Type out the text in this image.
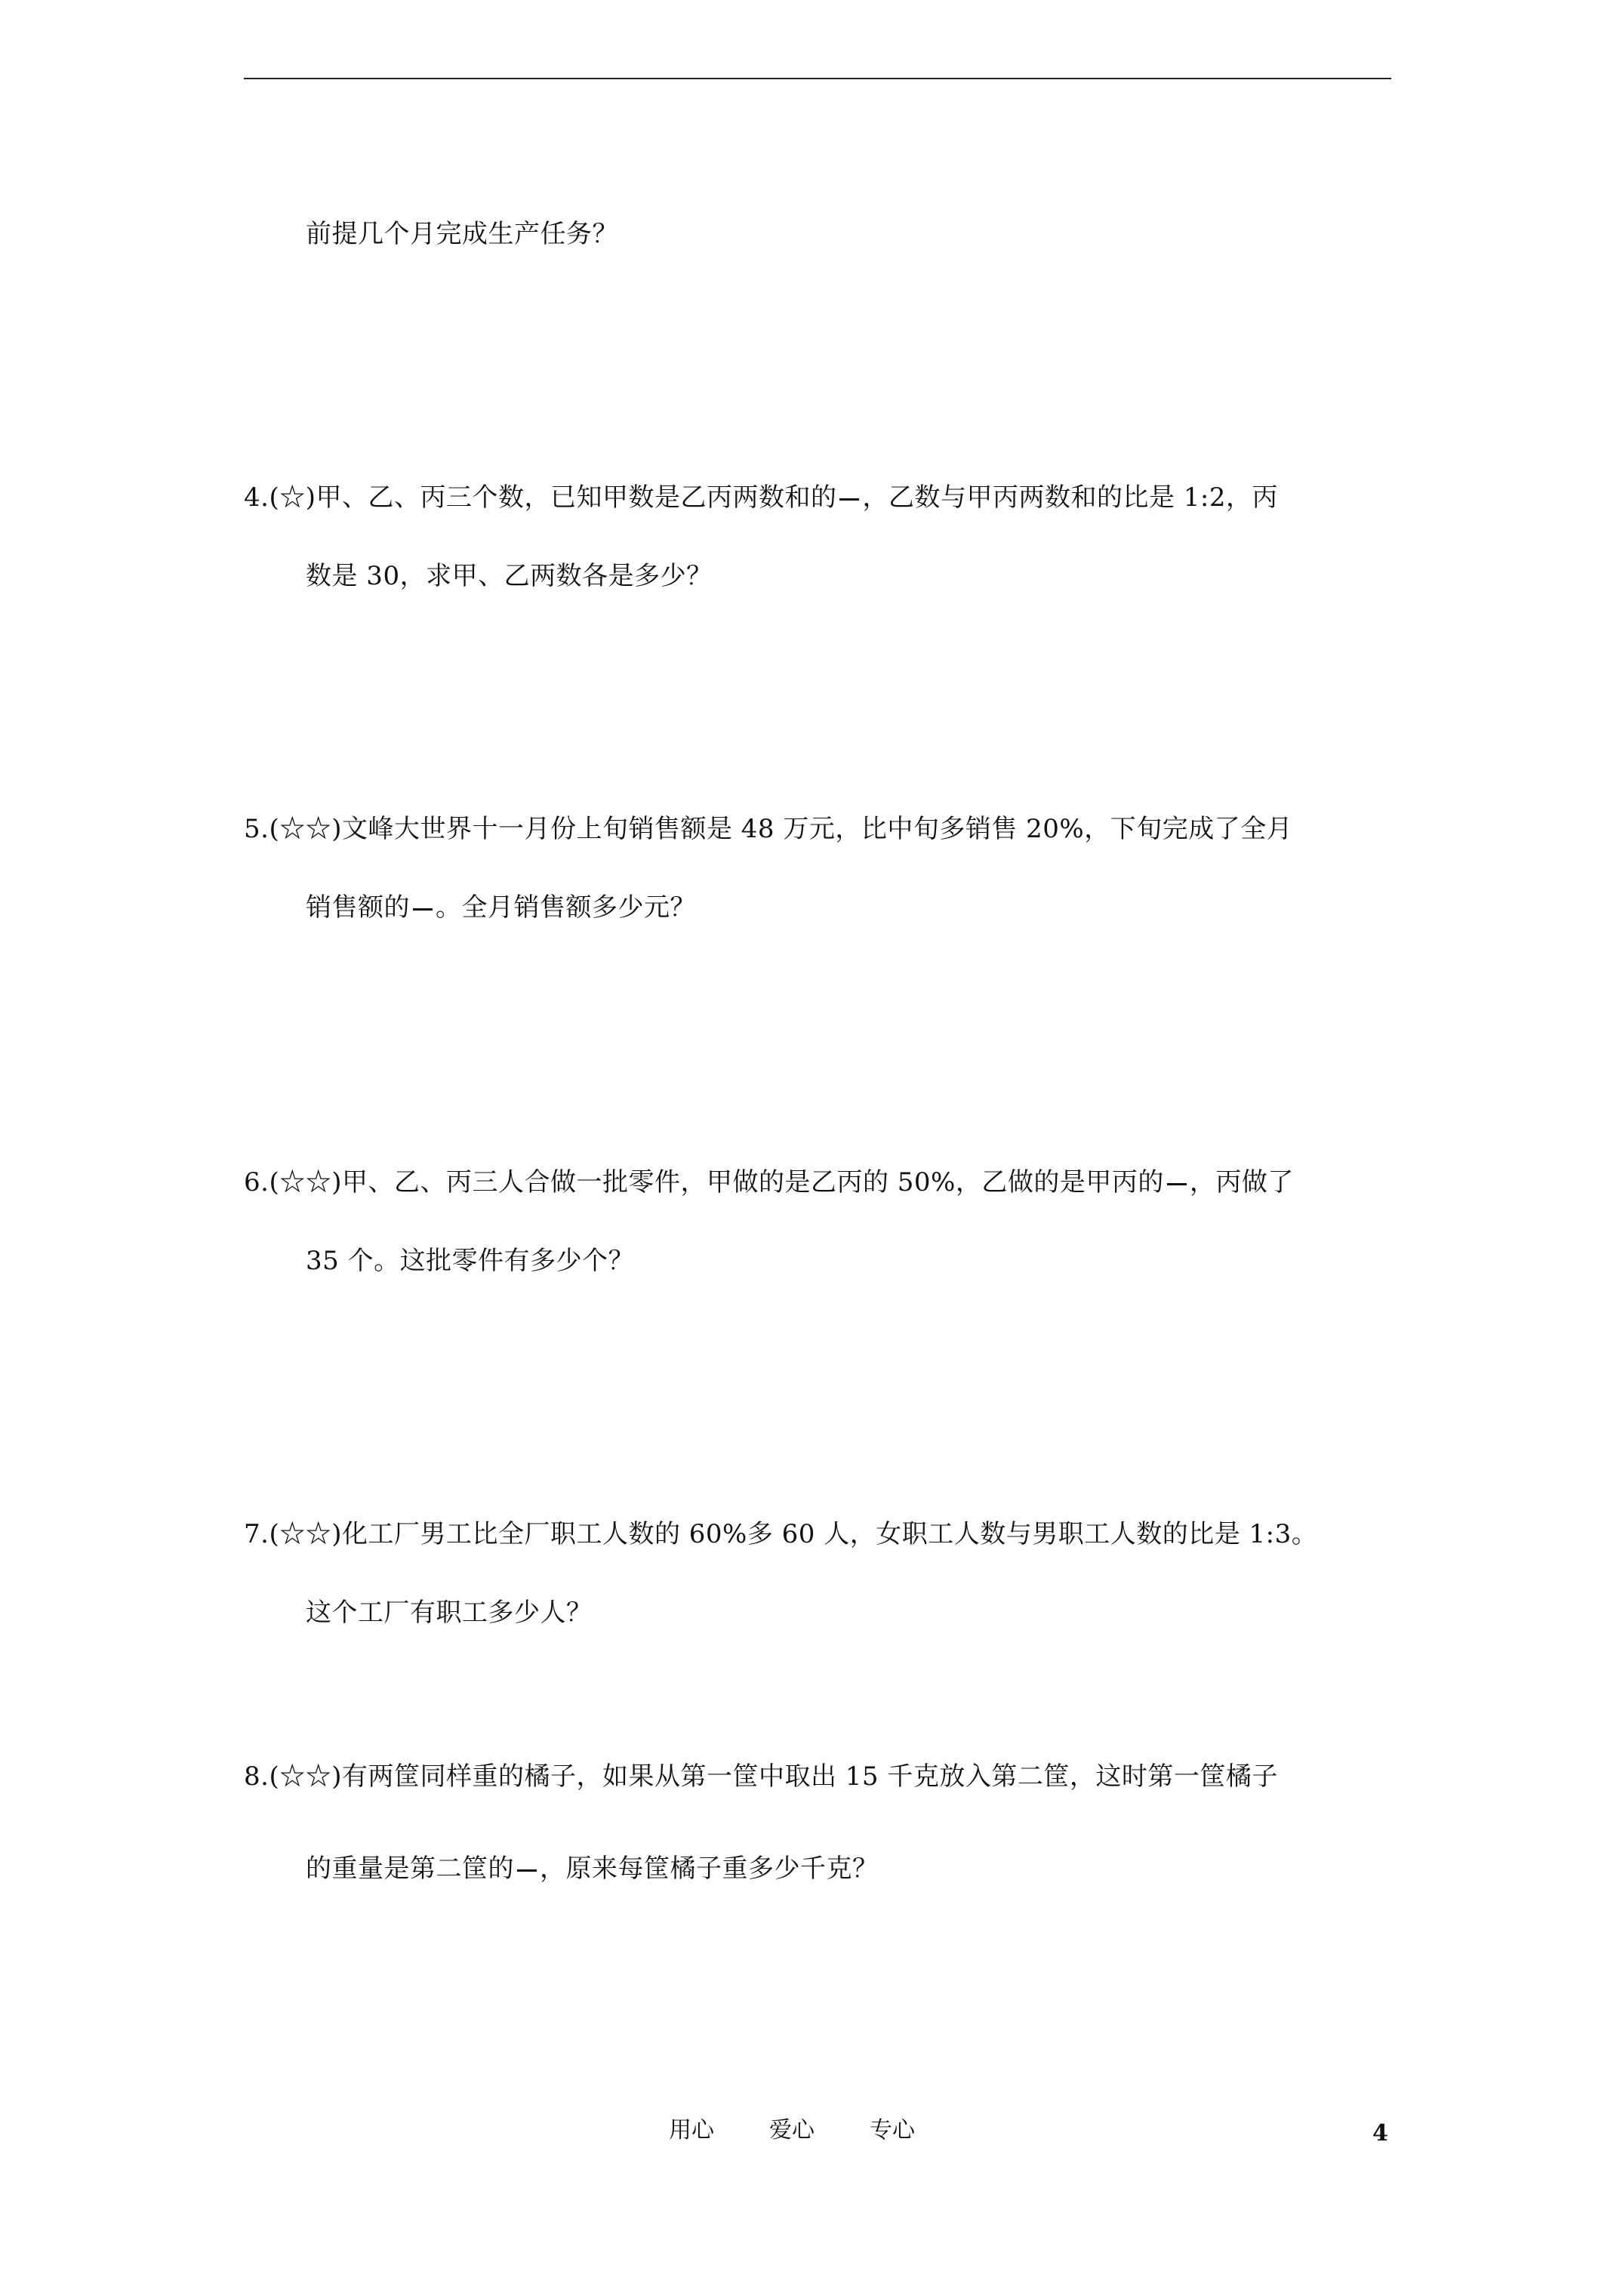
前提几个月完成生产任务？
4.(☆)甲、乙、丙三个数，已知甲数是乙丙两数和的 ，乙数与甲丙两数和的比是 1:2，丙
数是 30，求甲、乙两数各是多少？
5.(☆☆)文峰大世界十一月份上旬销售额是 48 万元，比中旬多销售 20%，下旬完成了全月
销售额的 。全月销售额多少元？
6.(☆☆)甲、乙、丙三人合做一批零件，甲做的是乙丙的 50%，乙做的是甲丙的 ，丙做了
35 个。这批零件有多少个？
7.(☆☆)化工厂男工比全厂职工人数的 60%多 60 人，女职工人数与男职工人数的比是 1:3。
这个工厂有职工多少人？
8.(☆☆)有两筐同样重的橘子，如果从第一筐中取出 15 千克放入第二筐，这时第一筐橘子
的重量是第二筐的 ，原来每筐橘子重多少千克？
用心 爱心 专心	4
